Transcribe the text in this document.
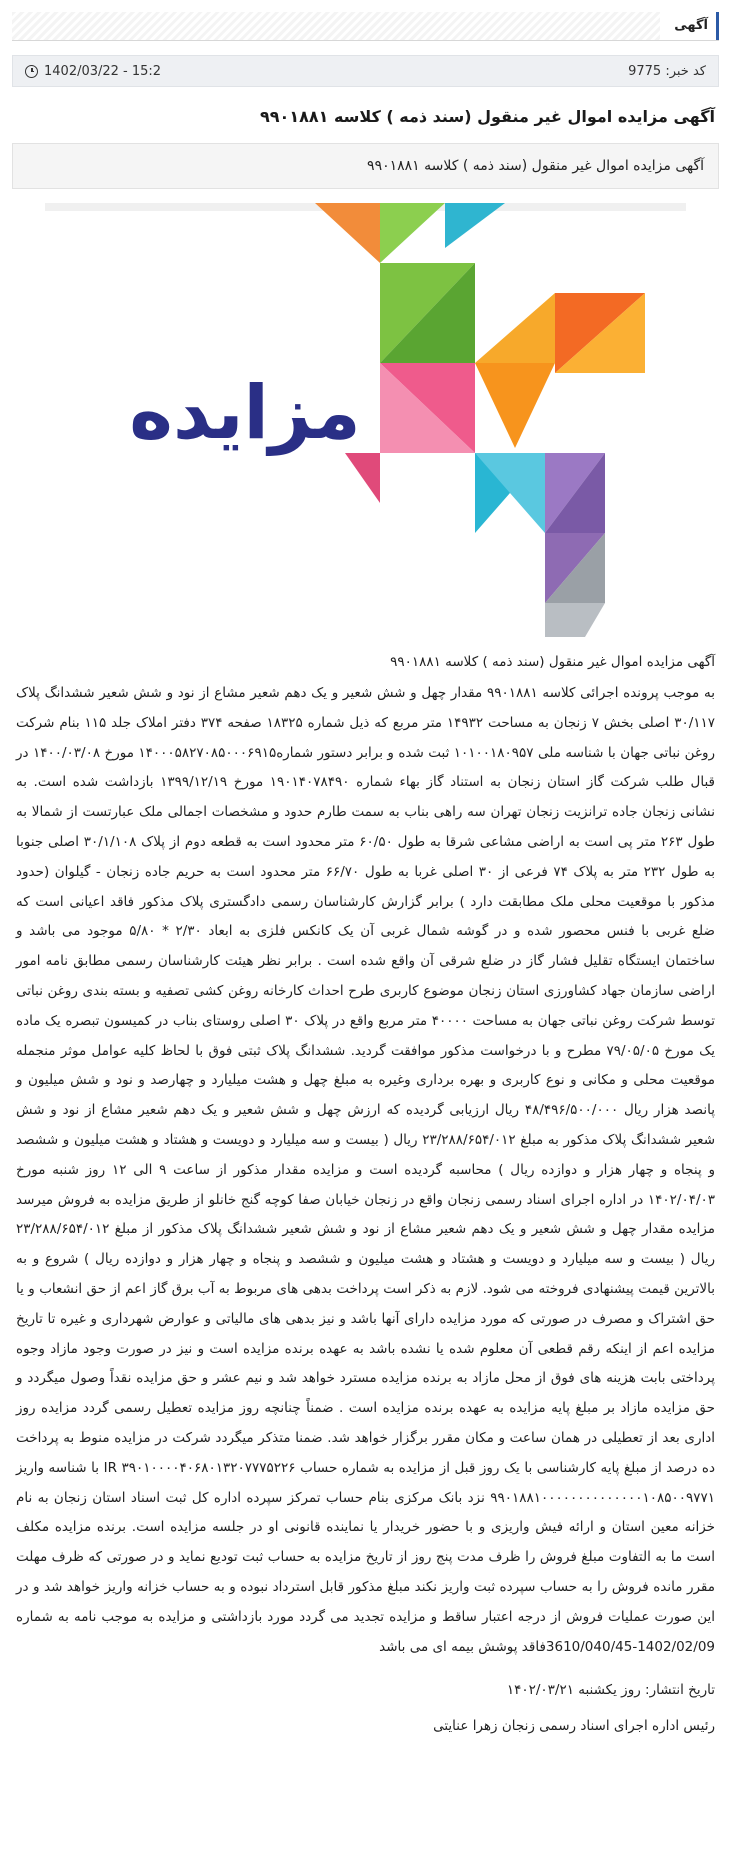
آگهی
1402/03/22 - 15:2	کد خبر: 9775
آگهی مزایده اموال غیر منقول (سند ذمه ) کلاسه ۹۹۰۱۸۸۱
آگهی مزایده اموال غیر منقول (سند ذمه ) کلاسه ۹۹۰۱۸۸۱
مزایده

آگهی مزایده اموال غیر منقول (سند ذمه ) کلاسه ۹۹۰۱۸۸۱

به موجب پرونده اجرائی کلاسه ۹۹۰۱۸۸۱ مقدار چهل و شش شعیر و یک دهم شعیر مشاع از نود و شش شعیر ششدانگ پلاک ۳۰/۱۱۷ اصلی بخش ۷ زنجان به مساحت ۱۴۹۳۲ متر مربع که ذیل شماره ۱۸۳۲۵ صفحه ۳۷۴ دفتر املاک جلد ۱۱۵ بنام شرکت روغن نباتی جهان با شناسه ملی ۱۰۱۰۰۱۸۰۹۵۷ ثبت شده و برابر دستور شماره۱۴۰۰۰۵۸۲۷۰۸۵۰۰۰۶۹۱۵ مورخ ۱۴۰۰/۰۳/۰۸ در قبال طلب شرکت گاز استان زنجان به استناد گاز بهاء شماره ۱۹۰۱۴۰۷۸۴۹۰ مورخ ۱۳۹۹/۱۲/۱۹ بازداشت شده است. به نشانی زنجان جاده ترانزیت زنجان تهران سه راهی بناب به سمت طارم حدود و مشخصات اجمالی ملک عبارتست از شمالا به طول ۲۶۳ متر پی است به اراضی مشاعی شرقا به طول ۶۰/۵۰ متر محدود است به قطعه دوم از پلاک ۳۰/۱/۱۰۸ اصلی جنوبا به طول ۲۳۲ متر به پلاک ۷۴ فرعی از ۳۰ اصلی غربا به طول ۶۶/۷۰ متر محدود است به حریم جاده زنجان - گیلوان (حدود مذکور با موقعیت محلی ملک مطابقت دارد ) برابر گزارش کارشناسان رسمی دادگستری پلاک مذکور فاقد اعیانی است که ضلع غربی با فنس محصور شده و در گوشه شمال غربی آن یک کانکس فلزی به ابعاد ۲/۳۰ * ۵/۸۰ موجود می باشد و ساختمان ایستگاه تقلیل فشار گاز در ضلع شرقی آن واقع شده است . برابر نظر هیئت کارشناسان رسمی مطابق نامه امور اراضی سازمان جهاد کشاورزی استان زنجان موضوع کاربری طرح احداث کارخانه روغن کشی تصفیه و بسته بندی روغن نباتی توسط شرکت روغن نباتی جهان به مساحت ۴۰۰۰۰ متر مربع واقع در پلاک ۳۰ اصلی روستای بناب در کمیسون تبصره یک ماده یک مورخ ۷۹/۰۵/۰۵ مطرح و با درخواست مذکور موافقت گردید. ششدانگ پلاک ثبتی فوق با لحاظ کلیه عوامل موثر منجمله موقعیت محلی و مکانی و نوع کاربری و بهره برداری وغیره به مبلغ چهل و هشت میلیارد و چهارصد و نود و شش میلیون و پانصد هزار ریال ۴۸/۴۹۶/۵۰۰/۰۰۰ ریال ارزیابی گردیده که ارزش چهل و شش شعیر و یک دهم شعیر مشاع از نود و شش شعیر ششدانگ پلاک مذکور به مبلغ ۲۳/۲۸۸/۶۵۴/۰۱۲ ریال ( بیست و سه میلیارد و دویست و هشتاد و هشت میلیون و ششصد و پنجاه و چهار هزار و دوازده ریال ) محاسبه گردیده است و مزایده مقدار مذکور از ساعت ۹ الی ۱۲ روز شنبه مورخ ۱۴۰۲/۰۴/۰۳ در اداره اجرای اسناد رسمی زنجان واقع در زنجان خیابان صفا کوچه گنج خانلو از طریق مزایده به فروش میرسد مزایده مقدار چهل و شش شعیر و یک دهم شعیر مشاع از نود و شش شعیر ششدانگ پلاک مذکور از مبلغ ۲۳/۲۸۸/۶۵۴/۰۱۲ ریال ( بیست و سه میلیارد و دویست و هشتاد و هشت میلیون و ششصد و پنجاه و چهار هزار و دوازده ریال ) شروع و به بالاترین قیمت پیشنهادی فروخته می شود. لازم به ذکر است پرداخت بدهی های مربوط به آب برق گاز اعم از حق انشعاب و یا حق اشتراک و مصرف در صورتی که مورد مزایده دارای آنها باشد و نیز بدهی های مالیاتی و عوارض شهرداری و غیره تا تاریخ مزایده اعم از اینکه رقم قطعی آن معلوم شده یا نشده باشد به عهده برنده مزایده است و نیز در صورت وجود مازاد وجوه پرداختی بابت هزینه های فوق از محل مازاد به برنده مزایده مسترد خواهد شد و نیم عشر و حق مزایده نقداً وصول میگردد و حق مزایده مازاد بر مبلغ پایه مزایده به عهده برنده مزایده است . ضمناً چنانچه روز مزایده تعطیل رسمی گردد مزایده روز اداری بعد از تعطیلی در همان ساعت و مکان مقرر برگزار خواهد شد. ضمنا متذکر میگردد شرکت در مزایده منوط به پرداخت ده درصد از مبلغ پایه کارشناسی با یک روز قبل از مزایده به شماره حساب IR ۳۹۰۱۰۰۰۰۴۰۶۸۰۱۳۲۰۷۷۷۵۲۲۶ با شناسه واریز ۹۹۰۱۸۸۱۰۰۰۰۰۰۰۰۰۰۰۰۰۰۱۰۸۵۰۰۹۷۷۱ نزد بانک مرکزی بنام حساب تمرکز سپرده اداره کل ثبت اسناد استان زنجان به نام خزانه معین استان و ارائه فیش واریزی و با حضور خریدار یا نماینده قانونی او در جلسه مزایده است. برنده مزایده مکلف است ما به التفاوت مبلغ فروش را ظرف مدت پنج روز از تاریخ مزایده به حساب ثبت تودیع نماید و در صورتی که ظرف مهلت مقرر مانده فروش را به حساب سپرده ثبت واریز نکند مبلغ مذکور قابل استرداد نبوده و به حساب خزانه واریز خواهد شد و در این صورت عملیات فروش از درجه اعتبار ساقط و مزایده تجدید می گردد مورد بازداشتی و مزایده به موجب نامه به شماره 1402/02/09-3610/040/45فاقد پوشش بیمه ای می باشد

تاریخ انتشار: روز یکشنبه ۱۴۰۲/۰۳/۲۱

رئیس اداره اجرای اسناد رسمی زنجان زهرا عنایتی
